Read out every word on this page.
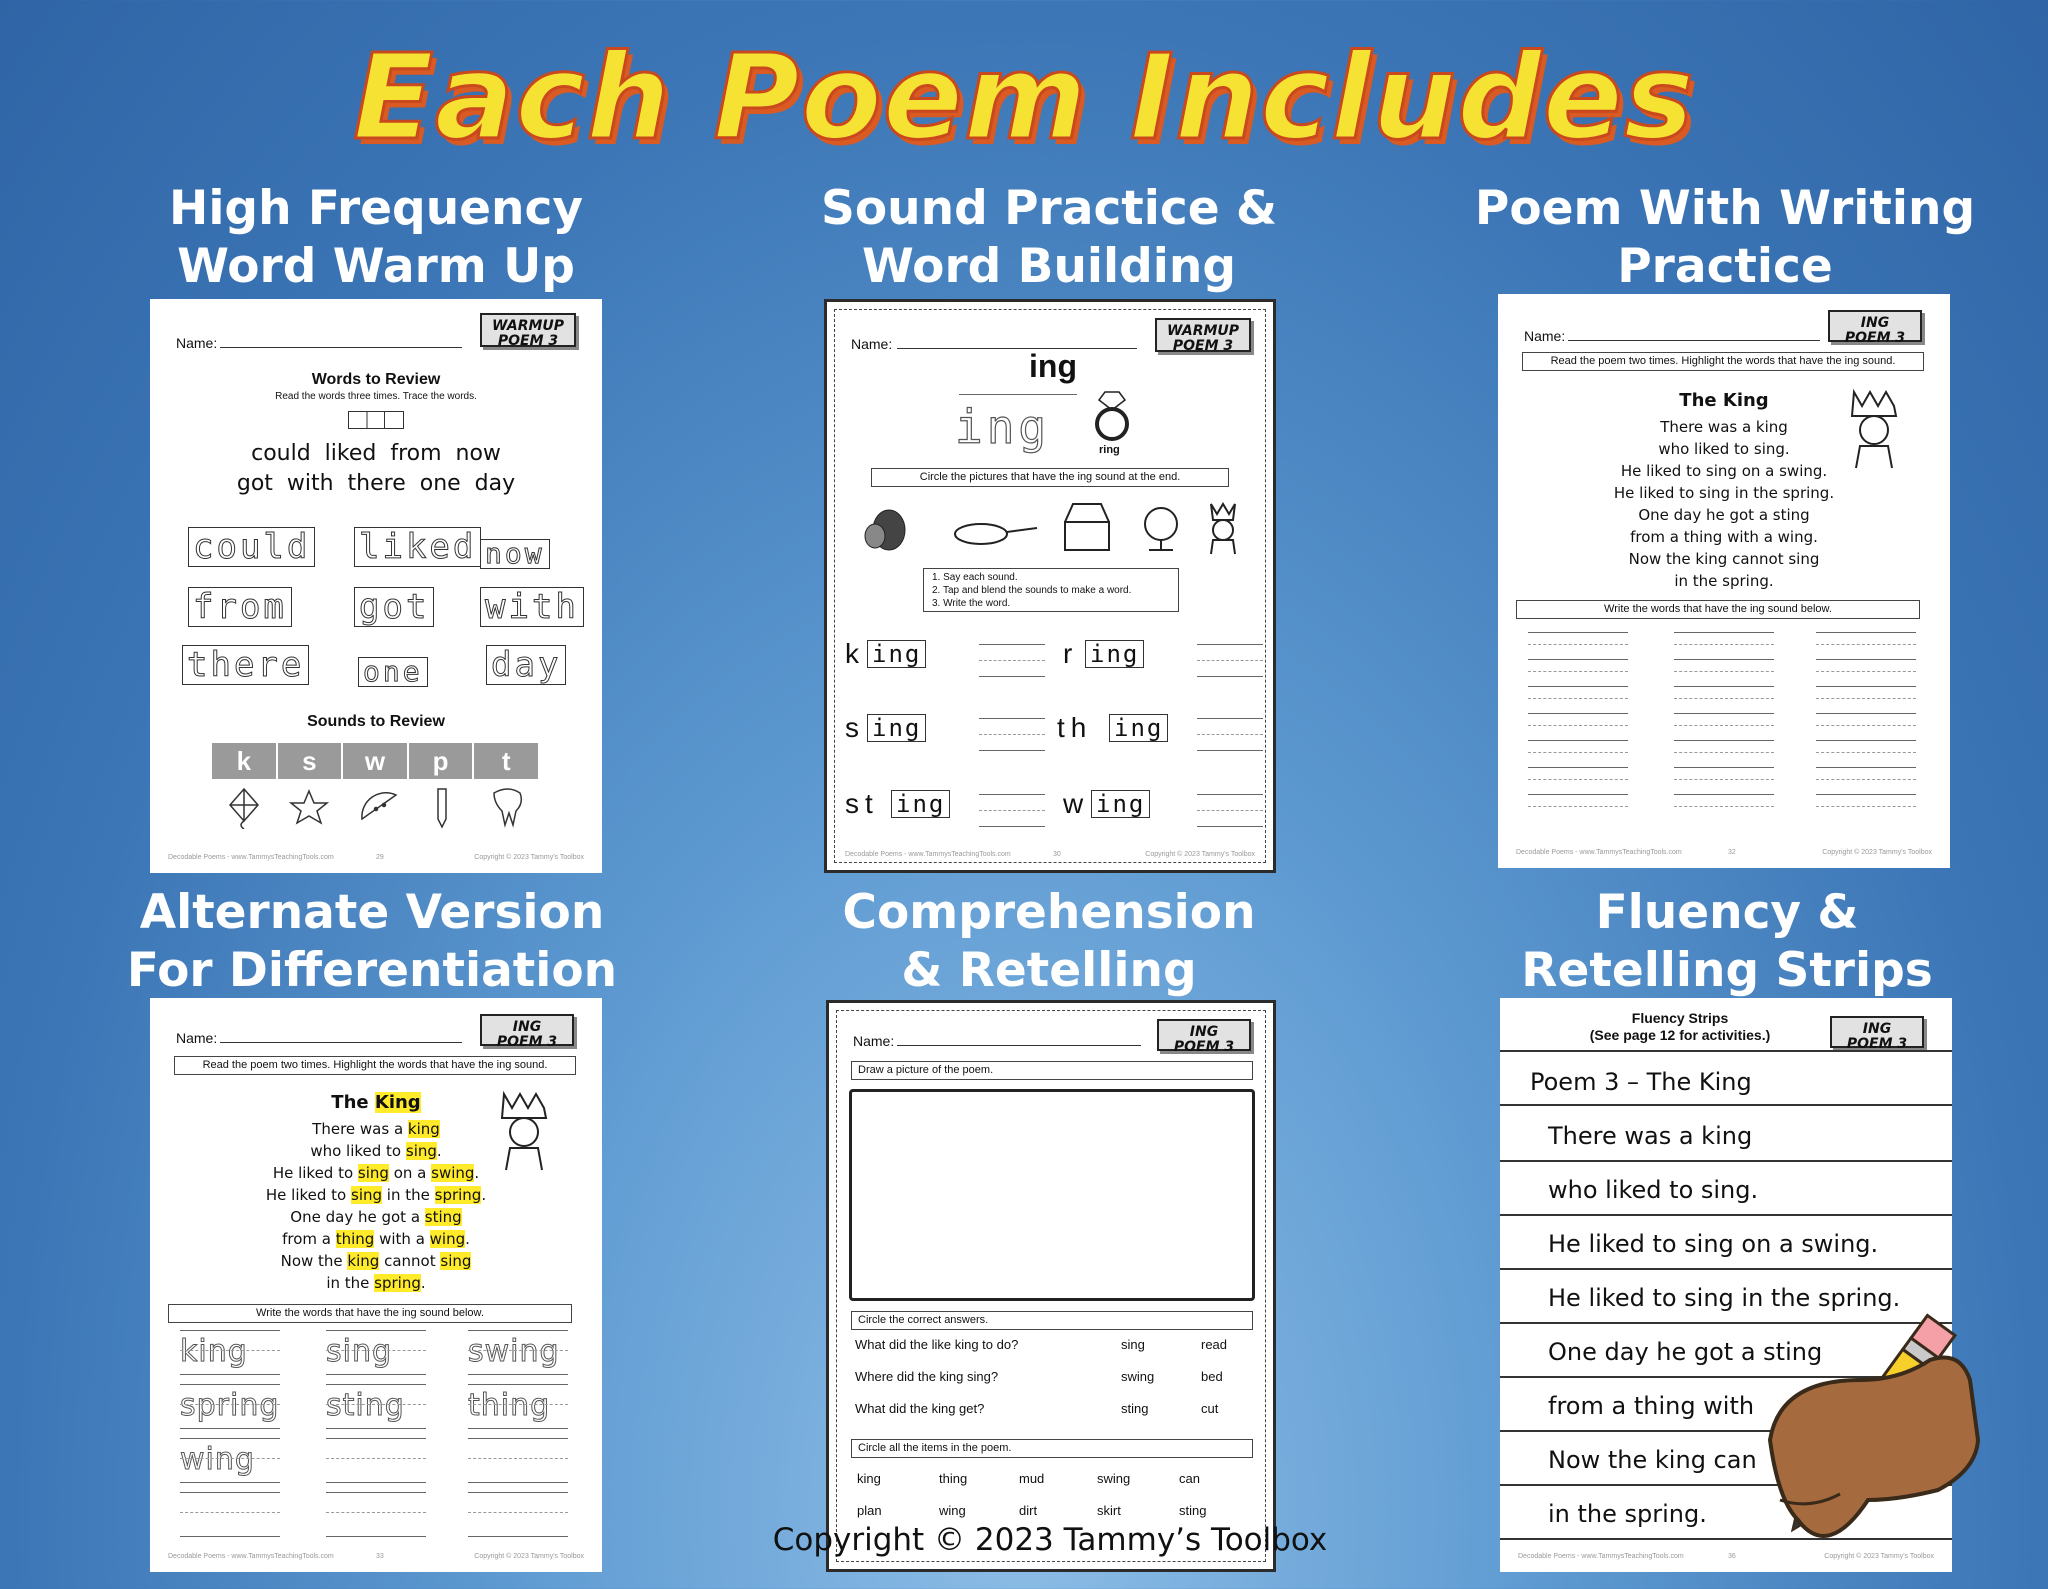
Each Poem Includes
High Frequency
Word Warm Up
Sound Practice &
Word Building
Poem With Writing
Practice
Alternate Version
For Differentiation
Comprehension
& Retelling
Fluency &
Retelling Strips
WARMUP
POEM 3
Name:
Words to Review
Read the words three times. Trace the words.
could  liked  from  now
got  with  there  one  day
could liked now
from got with
there one day
Sounds to Review
k	s	w	p	t
Decodable Poems - www.TammysTeachingTools.com	29	Copyright © 2023 Tammy's Toolbox
WARMUP
POEM 3
Name:
ing
ing	ring
Circle the pictures that have the ing sound at the end.
1. Say each sound.
2. Tap and blend the sounds to make a word.
3. Write the word.
k ing	r ing
s ing	th ing
st ing	w ing
Decodable Poems - www.TammysTeachingTools.com	30	Copyright © 2023 Tammy's Toolbox
ING
POEM 3
Name:
Read the poem two times. Highlight the words that have the ing sound.
The King
There was a king
who liked to sing.
He liked to sing on a swing.
He liked to sing in the spring.
One day he got a sting
from a thing with a wing.
Now the king cannot sing
in the spring.
Write the words that have the ing sound below.
Decodable Poems - www.TammysTeachingTools.com	32	Copyright © 2023 Tammy's Toolbox
ING
POEM 3
Name:
Read the poem two times. Highlight the words that have the ing sound.
The King
There was a king
who liked to sing.
He liked to sing on a swing.
He liked to sing in the spring.
One day he got a sting
from a thing with a wing.
Now the king cannot sing
in the spring.
Write the words that have the ing sound below.
king	sing	swing
spring sting thing
wing
Decodable Poems - www.TammysTeachingTools.com	33	Copyright © 2023 Tammy's Toolbox
ING
POEM 3
Name:
Draw a picture of the poem.
Circle the correct answers.
What did the like king to do?	sing	read
Where did the king sing?	swing	bed
What did the king get?	sting	cut
Circle all the items in the poem.
king	thing	mud	swing	can
plan	wing	dirt	skirt	sting
Fluency Strips
(See page 12 for activities.)	ING
POEM 3
Poem 3 – The King
Decodable Poems - www.TammysTeachingTools.com	36	Copyright © 2023 Tammy's Toolbox
There was a king
who liked to sing.
He liked to sing on a swing.
He liked to sing in the spring.
One day he got a sting
from a thing with
Now the king can
in the spring.
Copyright © 2023 Tammy’s Toolbox
